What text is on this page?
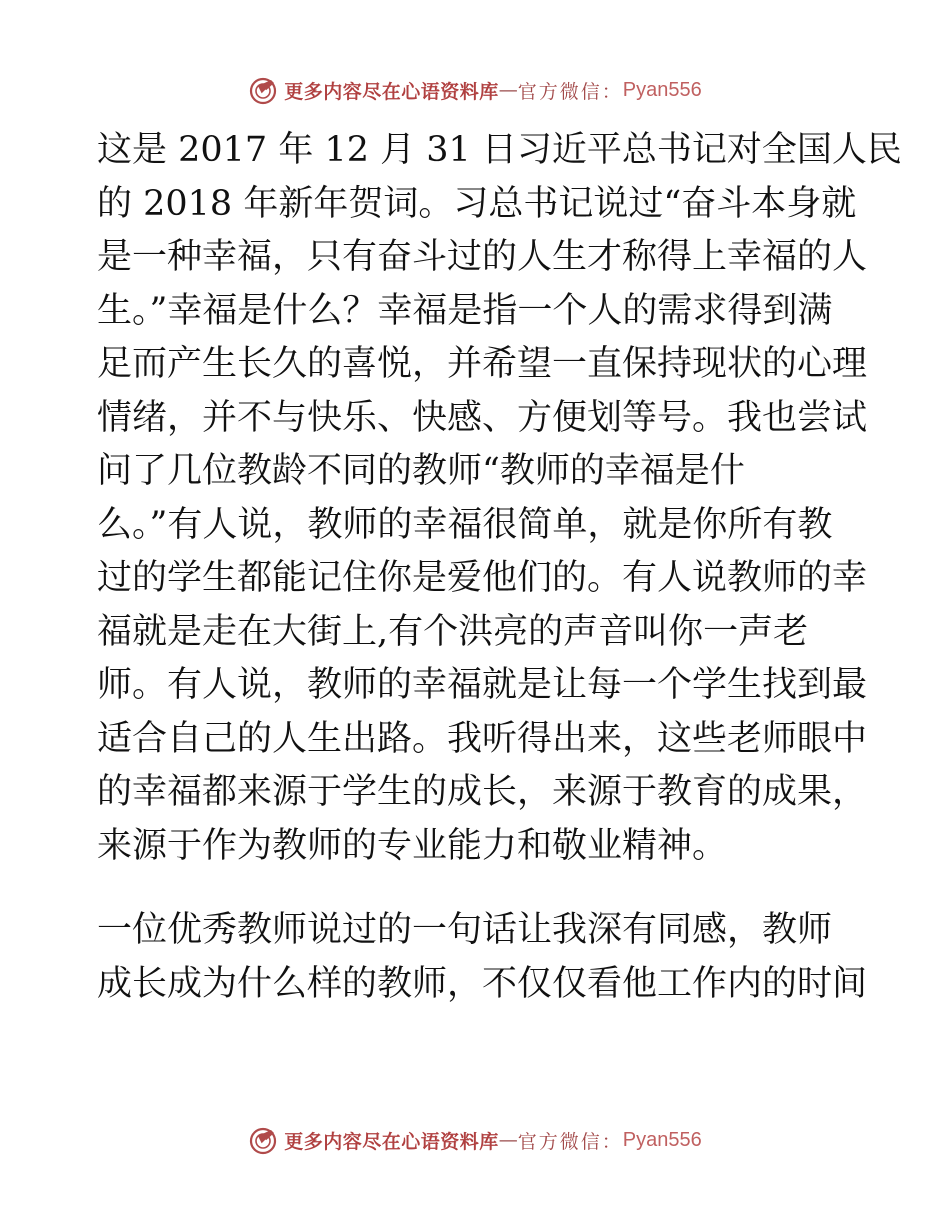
更多内容尽在心语资料库 — 官方微信： Pyan556
这是 2017 年 12 月 31 日习近平总书记对全国人民
的 2018 年新年贺词。习总书记说过“奋斗本身就
是一种幸福，只有奋斗过的人生才称得上幸福的人
生。”幸福是什么？幸福是指一个人的需求得到满
足而产生长久的喜悦，并希望一直保持现状的心理
情绪，并不与快乐、快感、方便划等号。我也尝试
问了几位教龄不同的教师“教师的幸福是什
么。”有人说，教师的幸福很简单，就是你所有教
过的学生都能记住你是爱他们的。有人说教师的幸
福就是走在大街上,有个洪亮的声音叫你一声老
师。有人说，教师的幸福就是让每一个学生找到最
适合自己的人生出路。我听得出来，这些老师眼中
的幸福都来源于学生的成长，来源于教育的成果，
来源于作为教师的专业能力和敬业精神。
一位优秀教师说过的一句话让我深有同感，教师
成长成为什么样的教师，不仅仅看他工作内的时间
更多内容尽在心语资料库 — 官方微信： Pyan556
